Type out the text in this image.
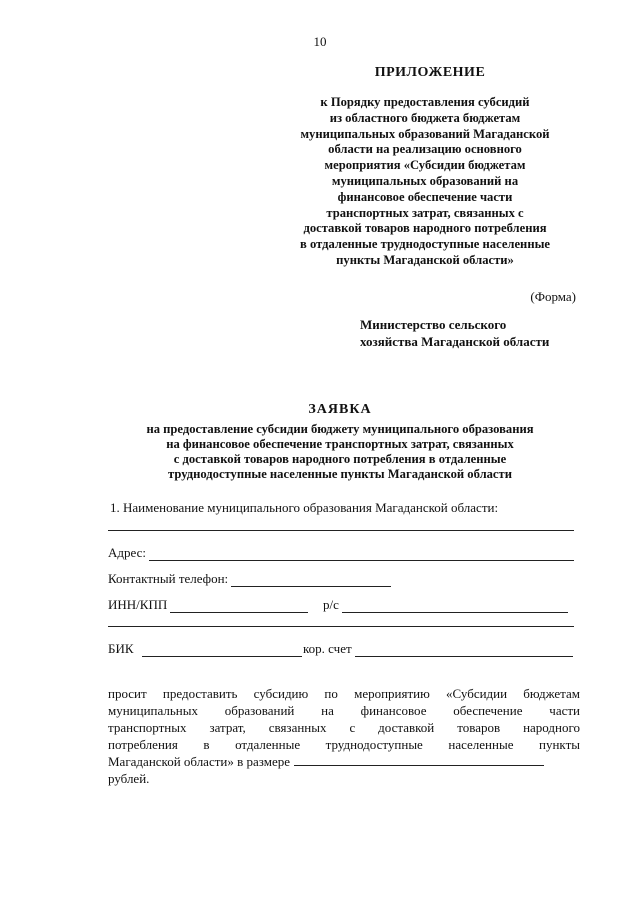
10
ПРИЛОЖЕНИЕ
к Порядку предоставления субсидий
из областного бюджета бюджетам
муниципальных образований Магаданской
области на реализацию основного
мероприятия «Субсидии бюджетам
муниципальных образований на
финансовое обеспечение части
транспортных затрат, связанных с
доставкой товаров народного потребления
в отдаленные труднодоступные населенные
пункты Магаданской области»
(Форма)
Министерство сельского
хозяйства Магаданской области
ЗАЯВКА
на предоставление субсидии бюджету муниципального образования
на финансовое обеспечение транспортных затрат, связанных
с доставкой товаров народного потребления в отдаленные
труднодоступные населенные пункты Магаданской области
1. Наименование муниципального образования Магаданской области:
Адрес:
Контактный телефон:
ИНН/КПП	р/с
БИК	кор. счет
просит предоставить субсидию по мероприятию «Субсидии бюджетам
муниципальных образований на финансовое обеспечение части
транспортных затрат, связанных с доставкой товаров народного
потребления в отдаленные труднодоступные населенные пункты
Магаданской области» в размере
рублей.
